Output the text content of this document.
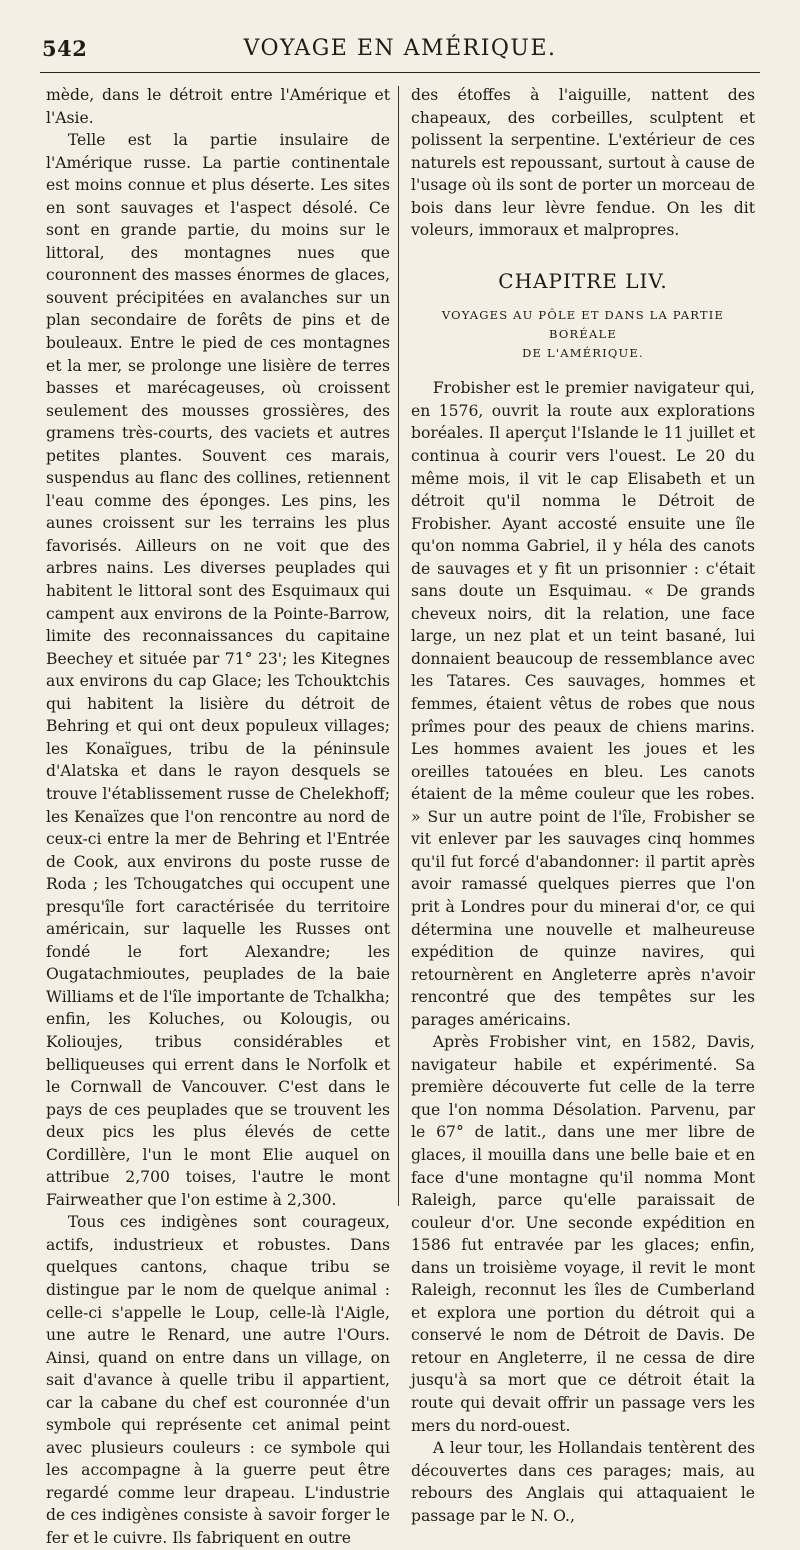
542	VOYAGE EN AMÉRIQUE.

mède, dans le détroit entre l'Amérique et l'Asie.

Telle est la partie insulaire de l'Amérique russe. La partie continentale est moins connue et plus déserte. Les sites en sont sauvages et l'aspect désolé. Ce sont en grande partie, du moins sur le littoral, des montagnes nues que couronnent des masses énormes de glaces, souvent précipitées en avalanches sur un plan secondaire de forêts de pins et de bouleaux. Entre le pied de ces montagnes et la mer, se prolonge une lisière de terres basses et marécageuses, où croissent seulement des mousses grossières, des gramens très-courts, des vaciets et autres petites plantes. Souvent ces marais, suspendus au flanc des collines, retiennent l'eau comme des éponges. Les pins, les aunes croissent sur les terrains les plus favorisés. Ailleurs on ne voit que des arbres nains. Les diverses peuplades qui habitent le littoral sont des Esquimaux qui campent aux environs de la Pointe-Barrow, limite des reconnaissances du capitaine Beechey et située par 71° 23'; les Kitegnes aux environs du cap Glace; les Tchouktchis qui habitent la lisière du détroit de Behring et qui ont deux populeux villages; les Konaïgues, tribu de la péninsule d'Alatska et dans le rayon desquels se trouve l'établissement russe de Chelekhoff; les Kenaïzes que l'on rencontre au nord de ceux-ci entre la mer de Behring et l'Entrée de Cook, aux environs du poste russe de Roda ; les Tchougatches qui occupent une presqu'île fort caractérisée du territoire américain, sur laquelle les Russes ont fondé le fort Alexandre; les Ougatachmioutes, peuplades de la baie Williams et de l'île importante de Tchalkha; enfin, les Koluches, ou Kolougis, ou Kolioujes, tribus considérables et belliqueuses qui errent dans le Norfolk et le Cornwall de Vancouver. C'est dans le pays de ces peuplades que se trouvent les deux pics les plus élevés de cette Cordillère, l'un le mont Elie auquel on attribue 2,700 toises, l'autre le mont Fairweather que l'on estime à 2,300.

Tous ces indigènes sont courageux, actifs, industrieux et robustes. Dans quelques cantons, chaque tribu se distingue par le nom de quelque animal : celle-ci s'appelle le Loup, celle-là l'Aigle, une autre le Renard, une autre l'Ours. Ainsi, quand on entre dans un village, on sait d'avance à quelle tribu il appartient, car la cabane du chef est couronnée d'un symbole qui représente cet animal peint avec plusieurs couleurs : ce symbole qui les accompagne à la guerre peut être regardé comme leur drapeau. L'industrie de ces indigènes consiste à savoir forger le fer et le cuivre. Ils fabriquent en outre

des étoffes à l'aiguille, nattent des chapeaux, des corbeilles, sculptent et polissent la serpentine. L'extérieur de ces naturels est repoussant, surtout à cause de l'usage où ils sont de porter un morceau de bois dans leur lèvre fendue. On les dit voleurs, immoraux et malpropres.

CHAPITRE LIV.
VOYAGES AU PÔLE ET DANS LA PARTIE BORÉALE
DE L'AMÉRIQUE.

Frobisher est le premier navigateur qui, en 1576, ouvrit la route aux explorations boréales. Il aperçut l'Islande le 11 juillet et continua à courir vers l'ouest. Le 20 du même mois, il vit le cap Elisabeth et un détroit qu'il nomma le Détroit de Frobisher. Ayant accosté ensuite une île qu'on nomma Gabriel, il y héla des canots de sauvages et y fit un prisonnier : c'était sans doute un Esquimau. « De grands cheveux noirs, dit la relation, une face large, un nez plat et un teint basané, lui donnaient beaucoup de ressemblance avec les Tatares. Ces sauvages, hommes et femmes, étaient vêtus de robes que nous prîmes pour des peaux de chiens marins. Les hommes avaient les joues et les oreilles tatouées en bleu. Les canots étaient de la même couleur que les robes. » Sur un autre point de l'île, Frobisher se vit enlever par les sauvages cinq hommes qu'il fut forcé d'abandonner: il partit après avoir ramassé quelques pierres que l'on prit à Londres pour du minerai d'or, ce qui détermina une nouvelle et malheureuse expédition de quinze navires, qui retournèrent en Angleterre après n'avoir rencontré que des tempêtes sur les parages américains.

Après Frobisher vint, en 1582, Davis, navigateur habile et expérimenté. Sa première découverte fut celle de la terre que l'on nomma Désolation. Parvenu, par le 67° de latit., dans une mer libre de glaces, il mouilla dans une belle baie et en face d'une montagne qu'il nomma Mont Raleigh, parce qu'elle paraissait de couleur d'or. Une seconde expédition en 1586 fut entravée par les glaces; enfin, dans un troisième voyage, il revit le mont Raleigh, reconnut les îles de Cumberland et explora une portion du détroit qui a conservé le nom de Détroit de Davis. De retour en Angleterre, il ne cessa de dire jusqu'à sa mort que ce détroit était la route qui devait offrir un passage vers les mers du nord-ouest.

A leur tour, les Hollandais tentèrent des découvertes dans ces parages; mais, au rebours des Anglais qui attaquaient le passage par le N. O.,
